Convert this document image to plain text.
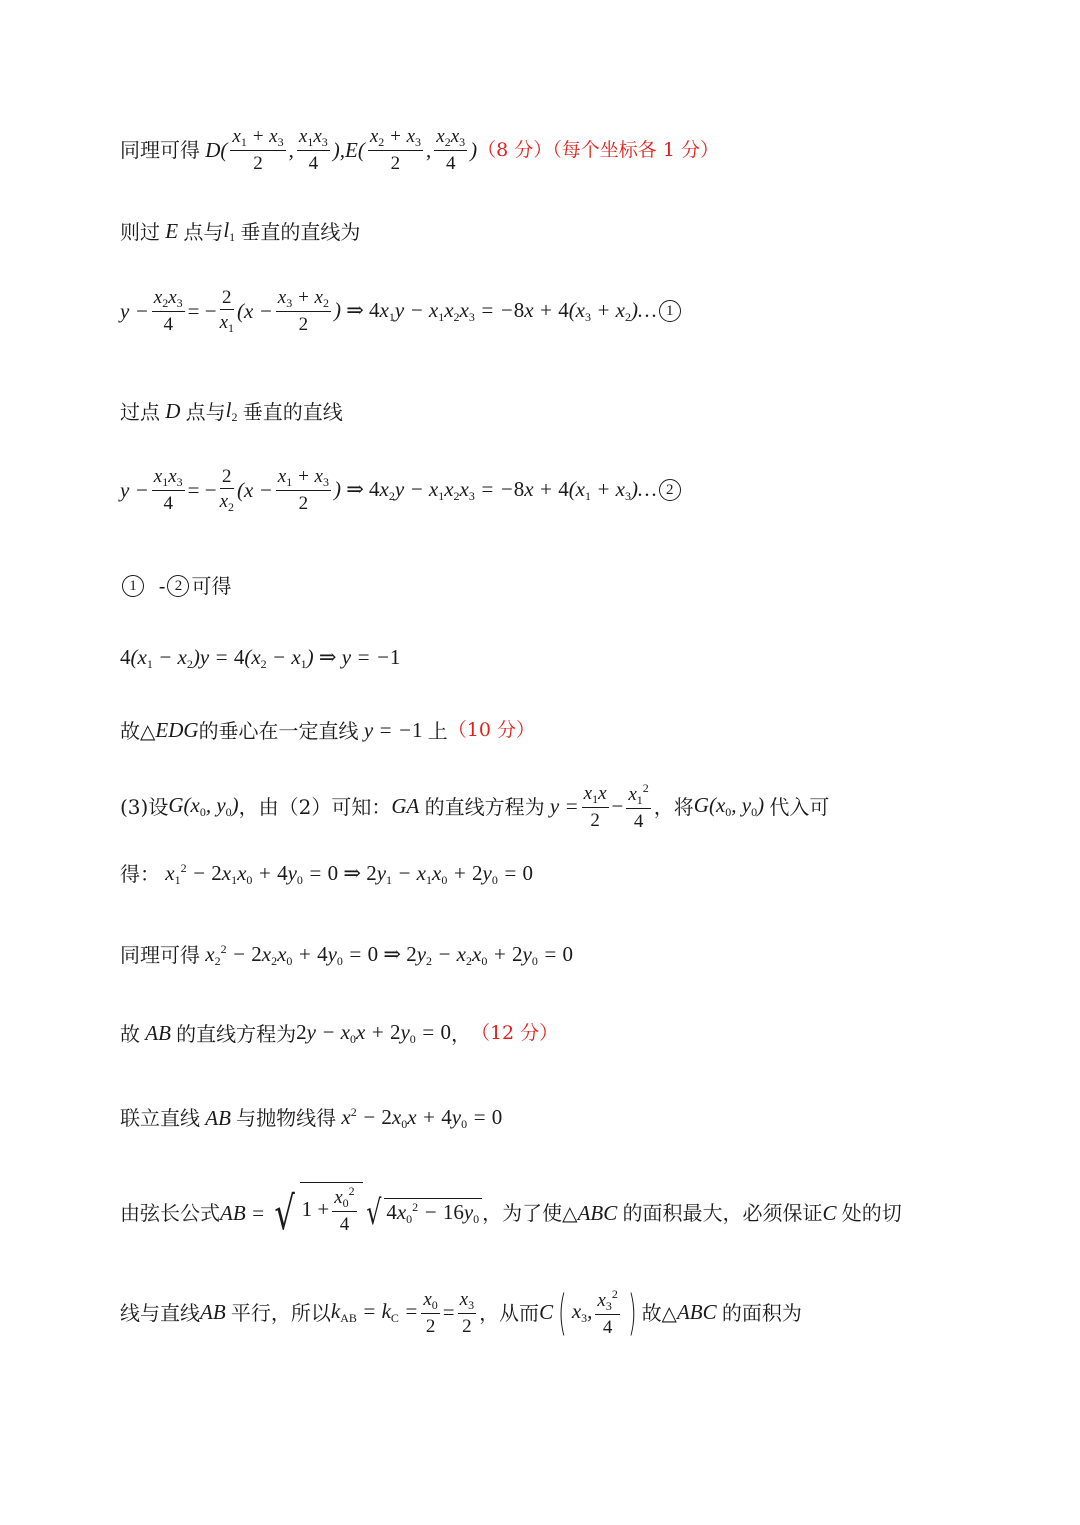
同理可得 $D( \frac{x_1 + x_3}{2}$ , $\frac{x_1x_3}{4} ),E( \frac{x_2 + x_3}{2}$ , $\frac{x_2x_3}{4}$ ) （8 分）（每个坐标各 1 分）
则过 E 点与 $l_1$ 垂直的直线为
$y - \frac{x_2x_3}{4}$ = − $\frac{2}{x_1} (x - \frac{x_3 + x_2}{2}$ ) ⇒ $4x_1y - x_1x_2x_3 = -8x + 4(x_3$ + $x_2)\dots$ 1
过点 D 点与 $l_2$ 垂直的直线
$y - \frac{x_1x_3}{4}$ = − $\frac{2}{x_2} (x - \frac{x_1 + x_3}{2}$ ) ⇒ $4x_2y - x_1x_2x_3 = -8x + 4(x_1$ + $x_3)\dots$ 2
1
	- 2 可得
$4(x_1 - x_2)y = 4(x_2 - x_1)$ ⇒ y = −1
故△ EDG 的垂心在一定直线 y = −1 上 （10 分）
(3)设 $G(x_0$, $y_0$) ，由（2）可知： GA 的直线方程为 $y = \frac{x_1x}{2} - \frac{x_1^2}{4}$ ，将 $G(x_0$, $y_0$) 代入可
得： $x_1^2 - 2x_1x_0 + 4y_0 = 0$ ⇒ $2y_1 - x_1x_0 + 2y_0 = 0$
同理可得 $x_2^2 - 2x_2x_0 + 4y_0 = 0$ ⇒ $2y_2 - x_2x_0 + 2y_0 = 0$
故 AB 的直线方程为 $2y - x_0x + 2y_0 = 0$ ， （12 分）
联立直线 AB 与抛物线得 $x^2 - 2x_0x + 4y_0 = 0$
由弦长公式 AB = √ $1 + \frac{x_0^2}{4}$ √ $4x_0^2 - 16y_0$ ，为了使△ ABC 的面积最大，必须保证 C 处的切
线与直线 AB 平行，所以 $k_{AB} = k_C = \frac{x_0}{2} = \frac{x_3}{2}$ ，从而 C ( $x_3$, $\frac{x_3^2}{4}$ ) 故△ ABC 的面积为
